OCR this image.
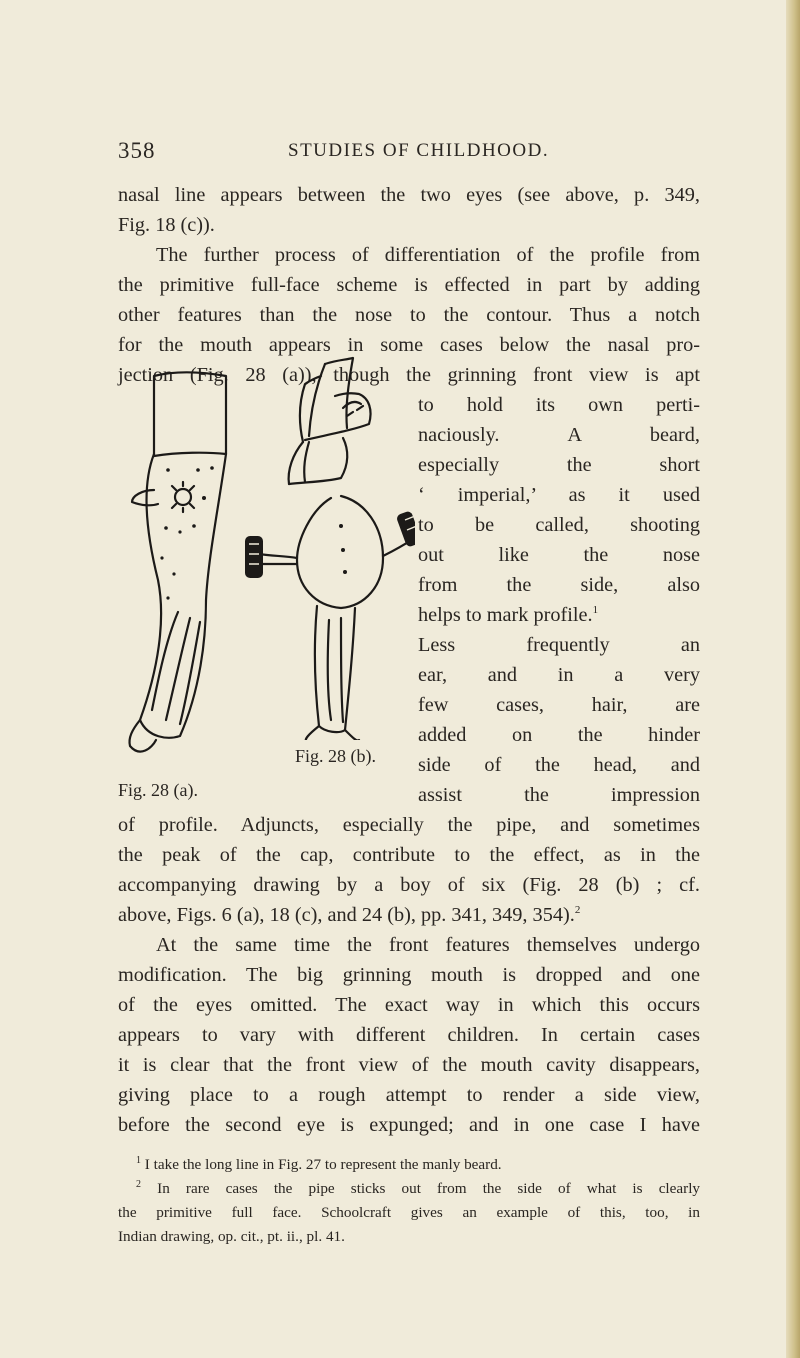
358	STUDIES OF CHILDHOOD.
nasal line appears between the two eyes (see above, p. 349,
Fig. 18 (c)).
The further process of differentiation of the profile from
the primitive full-face scheme is effected in part by adding
other features than the nose to the contour. Thus a notch
for the mouth appears in some cases below the nasal pro-
jection (Fig. 28 (a)), though the grinning front view is apt
to hold its own perti-
naciously. A beard,
especially the short
‘ imperial,’ as it used
to be called, shooting
out like the nose
from the side, also
helps to mark profile.$^1$
Less frequently an
ear, and in a very
few cases, hair, are
added on the hinder
side of the head, and
assist the impression
Fig. 28 (a).
Fig. 28 (b).
of profile. Adjuncts, especially the pipe, and sometimes
the peak of the cap, contribute to the effect, as in the
accompanying drawing by a boy of six (Fig. 28 (b) ; cf.
above, Figs. 6 (a), 18 (c), and 24 (b), pp. 341, 349, 354).$^2$
At the same time the front features themselves undergo
modification. The big grinning mouth is dropped and one
of the eyes omitted. The exact way in which this occurs
appears to vary with different children. In certain cases
it is clear that the front view of the mouth cavity disappears,
giving place to a rough attempt to render a side view,
before the second eye is expunged; and in one case I have
$^1$ I take the long line in Fig. 27 to represent the manly beard.
$^2$ In rare cases the pipe sticks out from the side of what is clearly
the primitive full face. Schoolcraft gives an example of this, too, in
Indian drawing, op. cit., pt. ii., pl. 41.
